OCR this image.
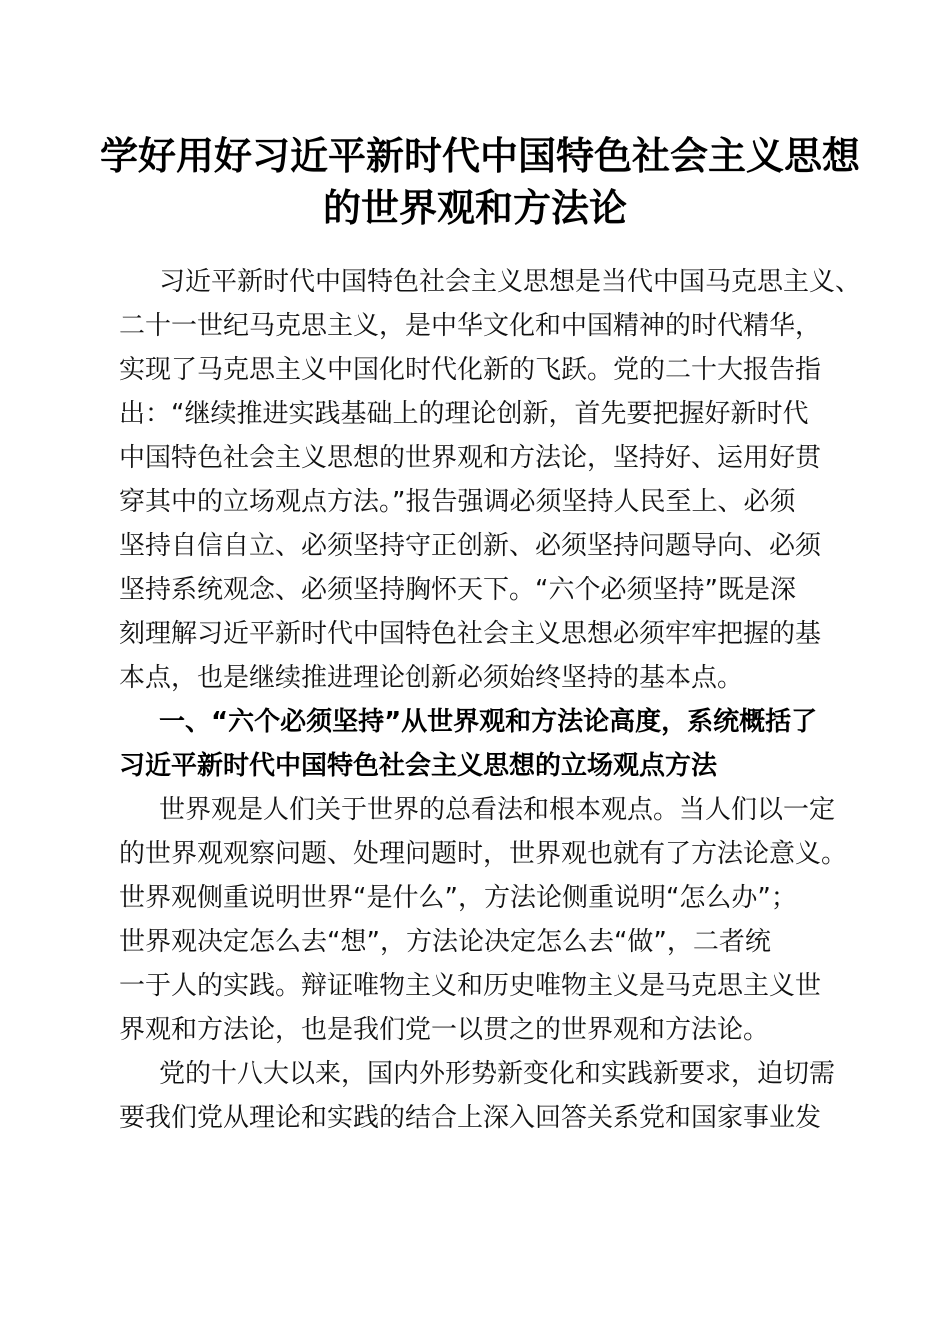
学好用好习近平新时代中国特色社会主义思想
的世界观和方法论
习近平新时代中国特色社会主义思想是当代中国马克思主义、
二十一世纪马克思主义，是中华文化和中国精神的时代精华，
实现了马克思主义中国化时代化新的飞跃。党的二十大报告指
出：“继续推进实践基础上的理论创新，首先要把握好新时代
中国特色社会主义思想的世界观和方法论，坚持好、运用好贯
穿其中的立场观点方法。”报告强调必须坚持人民至上、必须
坚持自信自立、必须坚持守正创新、必须坚持问题导向、必须
坚持系统观念、必须坚持胸怀天下。“六个必须坚持”既是深
刻理解习近平新时代中国特色社会主义思想必须牢牢把握的基
本点，也是继续推进理论创新必须始终坚持的基本点。
一、“六个必须坚持”从世界观和方法论高度，系统概括了
习近平新时代中国特色社会主义思想的立场观点方法
世界观是人们关于世界的总看法和根本观点。当人们以一定
的世界观观察问题、处理问题时，世界观也就有了方法论意义。
世界观侧重说明世界“是什么”，方法论侧重说明“怎么办”；
世界观决定怎么去“想”，方法论决定怎么去“做”，二者统
一于人的实践。辩证唯物主义和历史唯物主义是马克思主义世
界观和方法论，也是我们党一以贯之的世界观和方法论。
党的十八大以来，国内外形势新变化和实践新要求，迫切需
要我们党从理论和实践的结合上深入回答关系党和国家事业发
